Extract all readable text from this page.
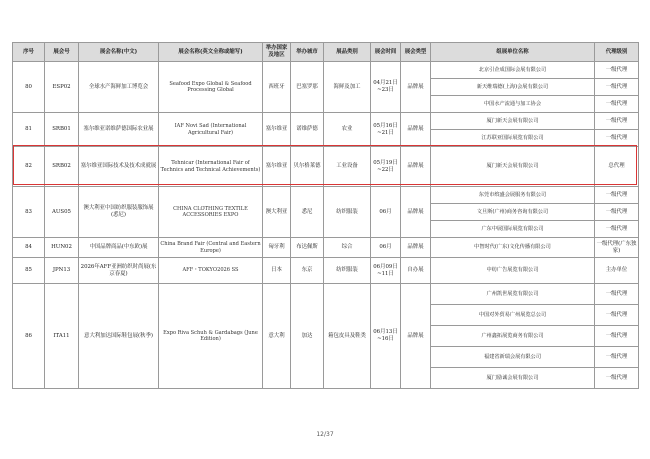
序号	展会号	展会名称(中文)	展会名称(英文全称或缩写)	举办国家及地区	举办城市	展品类别	展会时间	展会类型	组展单位名称	代理级别
80	ESP02	全球水产海鲜加工博览会	Seafood Expo Global & Seafood Processing Global	西班牙	巴塞罗那	海鲜及加工	04月21日~23日	品牌展	北京引企成国际会展有限公司	一级代理
									新天维瑞德(上海)会展有限公司	一级代理
									中国水产流通与加工协会	一级代理
81	SRB01	塞尔维亚诺维萨德国际农业展	IAF Novi Sad (International Agricultural Fair)	塞尔维亚	诺维萨德	农业	05月16日~21日	品牌展	厦门新天会展有限公司	一级代理
									江苏联亚国际展览有限公司	一级代理
82	SRB02	塞尔维亚国际技术及技术成就展	Tehnicar (International Fair of Technics and Technical Achievements)	塞尔维亚	贝尔格莱德	工业设备	05月19日~22日	品牌展	厦门新天会展有限公司	总代理
83	AUS05	澳大利亚中国纺织服装服饰展(悉尼)	CHINA CLOTHING TEXTILE ACCESSORIES EXPO	澳大利亚	悉尼	纺织服装	06月	品牌展	东莞市缤盛会展服务有限公司	一级代理
									文旦斯(广州)商务咨询有限公司	一级代理
									广东中展国际展览有限公司	一级代理
84	HUN02	中国品牌商品(中东欧)展	China Brand Fair (Central and Eastern Europe)	匈牙利	布达佩斯	综合	06月	品牌展	中智时代(广东)文化传播有限公司	一级代理(广东独家)
85	JPN13	2026年AFF亚洲纺织时尚展(东京春夏)	AFF・TOKYO2026 SS	日本	东京	纺织服装	06月09日~11日	自办展	中纺广告展览有限公司	主办单位
86	ITA11	意大利加达国际鞋包展(秋季)	Expo Riva Schuh & Gardabags (June Edition)	意大利	加达	箱包皮具及鞋类	06月13日~16日	品牌展	广州凯世展览有限公司	一级代理
									中国对外贸易广州展览总公司	一级代理
									广州鑫拓展览商务有限公司	一级代理
									福建省新瑞会展有限公司	一级代理
									厦门励诚会展有限公司	一级代理
12/37
